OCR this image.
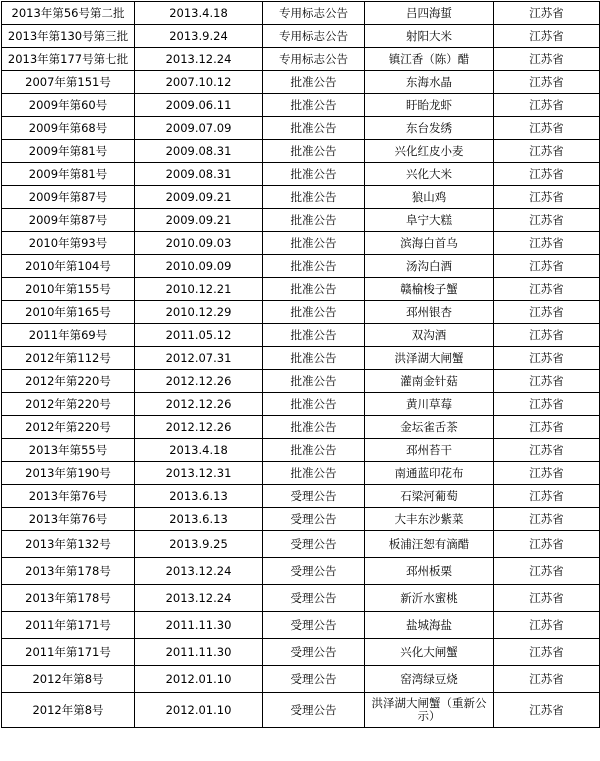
2013年第56号第二批	2013.4.18	专用标志公告	吕四海蜇	江苏省
2013年第130号第三批	2013.9.24	专用标志公告	射阳大米	江苏省
2013年第177号第七批	2013.12.24	专用标志公告	镇江香（陈）醋	江苏省
2007年第151号	2007.10.12	批准公告	东海水晶	江苏省
2009年第60号	2009.06.11	批准公告	盱眙龙虾	江苏省
2009年第68号	2009.07.09	批准公告	东台发绣	江苏省
2009年第81号	2009.08.31	批准公告	兴化红皮小麦	江苏省
2009年第81号	2009.08.31	批准公告	兴化大米	江苏省
2009年第87号	2009.09.21	批准公告	狼山鸡	江苏省
2009年第87号	2009.09.21	批准公告	阜宁大糕	江苏省
2010年第93号	2010.09.03	批准公告	滨海白首乌	江苏省
2010年第104号	2010.09.09	批准公告	汤沟白酒	江苏省
2010年第155号	2010.12.21	批准公告	赣榆梭子蟹	江苏省
2010年第165号	2010.12.29	批准公告	邳州银杏	江苏省
2011年第69号	2011.05.12	批准公告	双沟酒	江苏省
2012年第112号	2012.07.31	批准公告	洪泽湖大闸蟹	江苏省
2012年第220号	2012.12.26	批准公告	灌南金针菇	江苏省
2012年第220号	2012.12.26	批准公告	黄川草莓	江苏省
2012年第220号	2012.12.26	批准公告	金坛雀舌茶	江苏省
2013年第55号	2013.4.18	批准公告	邳州苔干	江苏省
2013年第190号	2013.12.31	批准公告	南通蓝印花布	江苏省
2013年第76号	2013.6.13	受理公告	石梁河葡萄	江苏省
2013年第76号	2013.6.13	受理公告	大丰东沙紫菜	江苏省
2013年第132号	2013.9.25	受理公告	板浦汪恕有滴醋	江苏省
2013年第178号	2013.12.24	受理公告	邳州板栗	江苏省
2013年第178号	2013.12.24	受理公告	新沂水蜜桃	江苏省
2011年第171号	2011.11.30	受理公告	盐城海盐	江苏省
2011年第171号	2011.11.30	受理公告	兴化大闸蟹	江苏省
2012年第8号	2012.01.10	受理公告	窑湾绿豆烧	江苏省
2012年第8号	2012.01.10	受理公告	洪泽湖大闸蟹（重新公示）	江苏省
